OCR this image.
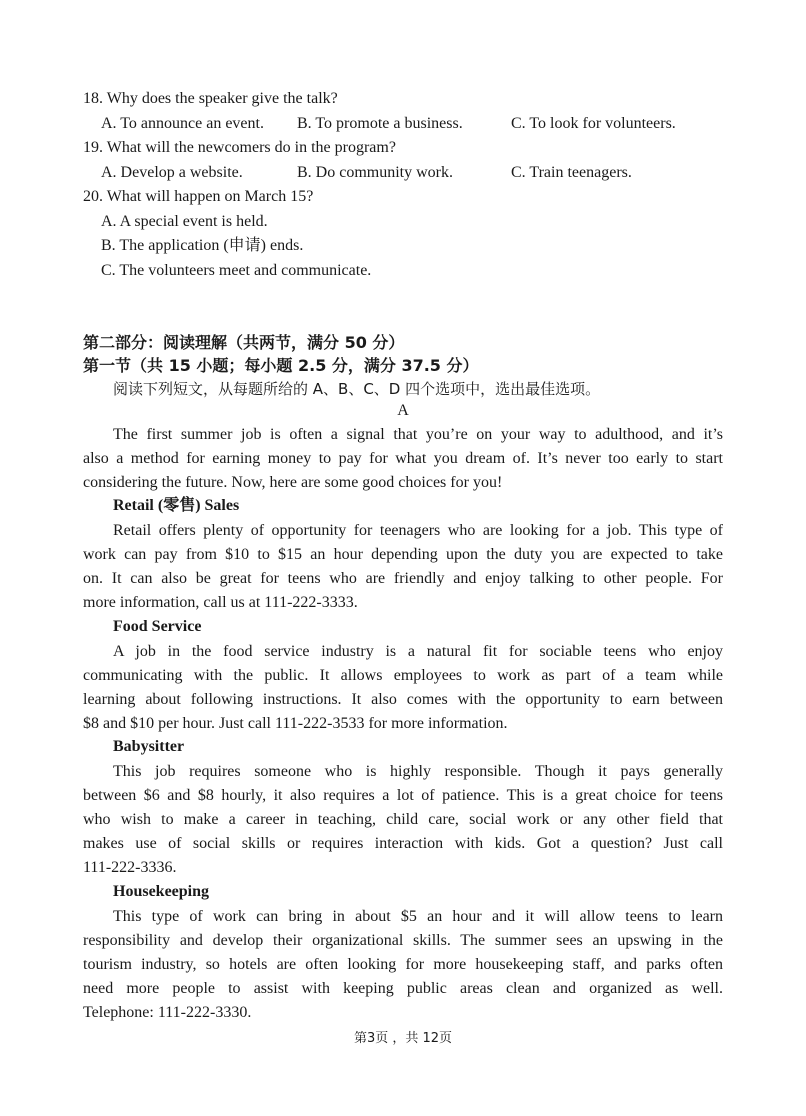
18. Why does the speaker give the talk?
A. To announce an event. B. To promote a business.	C. To look for volunteers.
19. What will the newcomers do in the program?
A. Develop a website.	B. Do community work.	C. Train teenagers.
20. What will happen on March 15?
A. A special event is held.
B. The application (申请) ends.
C. The volunteers meet and communicate.
第二部分：阅读理解（共两节，满分 50 分）
第一节（共 15 小题；每小题 2.5 分，满分 37.5 分）
阅读下列短文，从每题所给的 A、B、C、D 四个选项中，选出最佳选项。
A
The first summer job is often a signal that you’re on your way to adulthood, and it’s
also a method for earning money to pay for what you dream of. It’s never too early to start
considering the future. Now, here are some good choices for you!
Retail (零售) Sales
Retail offers plenty of opportunity for teenagers who are looking for a job. This type of
work can pay from $10 to $15 an hour depending upon the duty you are expected to take
on. It can also be great for teens who are friendly and enjoy talking to other people. For
more information, call us at 111-222-3333.
Food Service
A job in the food service industry is a natural fit for sociable teens who enjoy
communicating with the public. It allows employees to work as part of a team while
learning about following instructions. It also comes with the opportunity to earn between
$8 and $10 per hour. Just call 111-222-3533 for more information.
Babysitter
This job requires someone who is highly responsible. Though it pays generally
between $6 and $8 hourly, it also requires a lot of patience. This is a great choice for teens
who wish to make a career in teaching, child care, social work or any other field that
makes use of social skills or requires interaction with kids. Got a question? Just call
111-222-3336.
Housekeeping
This type of work can bring in about $5 an hour and it will allow teens to learn
responsibility and develop their organizational skills. The summer sees an upswing in the
tourism industry, so hotels are often looking for more housekeeping staff, and parks often
need more people to assist with keeping public areas clean and organized as well.
Telephone: 111-222-3330.
第3页 ，共 12页
